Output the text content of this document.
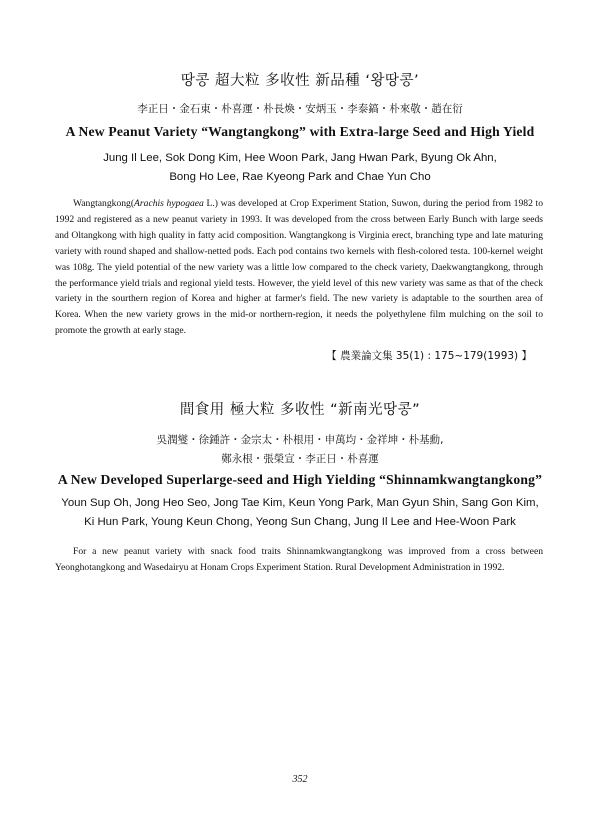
땅콩 超大粒 多收性 新品種 ‘왕땅콩’
李正日・金石東・朴喜運・朴長煥・安炳玉・李泰鎬・朴來敬・趙在衍
A New Peanut Variety “Wangtangkong” with Extra-large Seed and High Yield
Jung Il Lee, Sok Dong Kim, Hee Woon Park, Jang Hwan Park, Byung Ok Ahn,
Bong Ho Lee, Rae Kyeong Park and Chae Yun Cho
Wangtangkong(Arachis hypogaea L.) was developed at Crop Experiment Station, Suwon, during the period from 1982 to 1992 and registered as a new peanut variety in 1993. It was developed from the cross between Early Bunch with large seeds and Oltangkong with high quality in fatty acid composition. Wangtangkong is Virginia erect, branching type and late maturing variety with round shaped and shallow-netted pods. Each pod contains two kernels with flesh-colored testa. 100-kernel weight was 108g. The yield potential of the new variety was a little low compared to the check variety, Daekwangtangkong, through the performance yield trials and regional yield tests. However, the yield level of this new variety was same as that of the check variety in the sourthern region of Korea and higher at farmer's field. The new variety is adaptable to the sourthen area of Korea. When the new variety grows in the mid-or northern-region, it needs the polyethylene film mulching on the soil to promote the growth at early stage.
【 農業論文集 35(1) : 175~179(1993) 】
間食用 極大粒 多收性 “新南光땅콩”
吳潤燮・徐鍾許・金宗太・朴根用・申萬均・金祥坤・朴基勳,
鄭永根・張榮宣・李正日・朴喜運
A New Developed Superlarge-seed and High Yielding “Shinnamkwangtangkong”
Youn Sup Oh, Jong Heo Seo, Jong Tae Kim, Keun Yong Park, Man Gyun Shin, Sang Gon Kim,
Ki Hun Park, Young Keun Chong, Yeong Sun Chang, Jung Il Lee and Hee-Woon Park
For a new peanut variety with snack food traits Shinnamkwangtangkong was improved from a cross between Yeonghotangkong and Wasedairyu at Honam Crops Experiment Station. Rural Development Administration in 1992.
352
